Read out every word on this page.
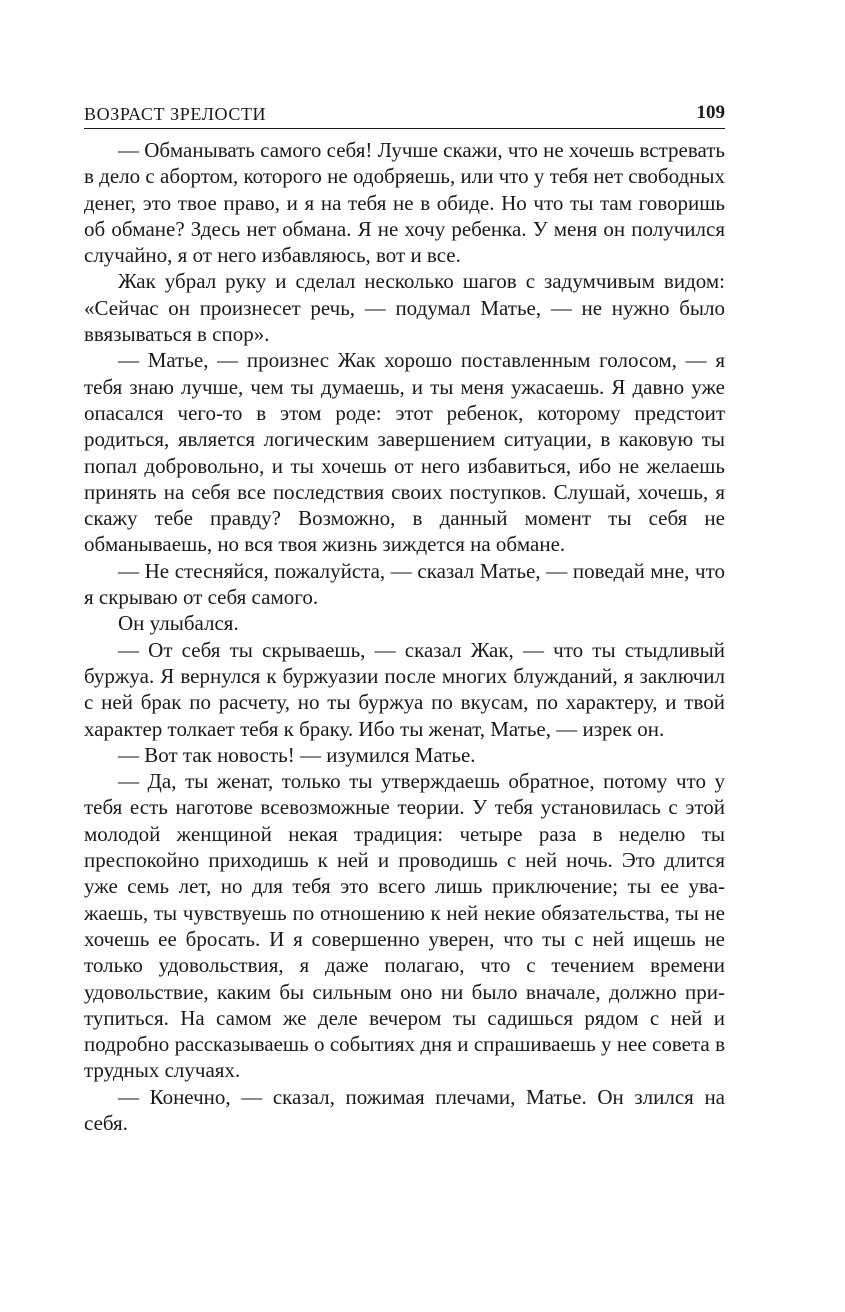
ВОЗРАСТ ЗРЕЛОСТИ	109

— Обманывать самого себя! Лучше скажи, что не хочешь встревать в дело с абортом, которого не одобряешь, или что у тебя нет свободных денег, это твое право, и я на тебя не в обиде. Но что ты там говоришь об обмане? Здесь нет обмана. Я не хочу ребенка. У меня он получился случайно, я от него избавляюсь, вот и все.

Жак убрал руку и сделал несколько шагов с задумчивым видом: «Сейчас он произнесет речь, — подумал Матье, — не нужно было ввязываться в спор».

— Матье, — произнес Жак хорошо поставленным голосом, — я тебя знаю лучше, чем ты думаешь, и ты меня ужасаешь. Я давно уже опасался чего-то в этом роде: этот ребенок, которому предстоит родиться, является логическим завершением ситуации, в каковую ты попал добровольно, и ты хочешь от него избавиться, ибо не желаешь принять на себя все последствия своих поступков. Слушай, хочешь, я скажу тебе правду? Возможно, в данный момент ты себя не обманываешь, но вся твоя жизнь зиждется на обмане.

— Не стесняйся, пожалуйста, — сказал Матье, — поведай мне, что я скрываю от себя самого.

Он улыбался.

— От себя ты скрываешь, — сказал Жак, — что ты стыдливый буржуа. Я вернулся к буржуазии после многих блужданий, я заключил с ней брак по расчету, но ты буржуа по вкусам, по характеру, и твой характер толкает тебя к браку. Ибо ты женат, Матье, — изрек он.

— Вот так новость! — изумился Матье.

— Да, ты женат, только ты утверждаешь обратное, потому что у тебя есть наготове всевозможные теории. У тебя установилась с этой молодой женщиной некая традиция: четыре раза в неделю ты преспокойно приходишь к ней и проводишь с ней ночь. Это длится уже семь лет, но для тебя это всего лишь приключение; ты ее уважаешь, ты чувствуешь по отношению к ней некие обязательства, ты не хочешь ее бросать. И я совершенно уверен, что ты с ней ищешь не только удовольствия, я даже полагаю, что с течением времени удовольствие, каким бы сильным оно ни было вначале, должно притупиться. На самом же деле вечером ты садишься рядом с ней и подробно рассказываешь о событиях дня и спрашиваешь у нее совета в трудных случаях.

— Конечно, — сказал, пожимая плечами, Матье. Он злился на себя.
